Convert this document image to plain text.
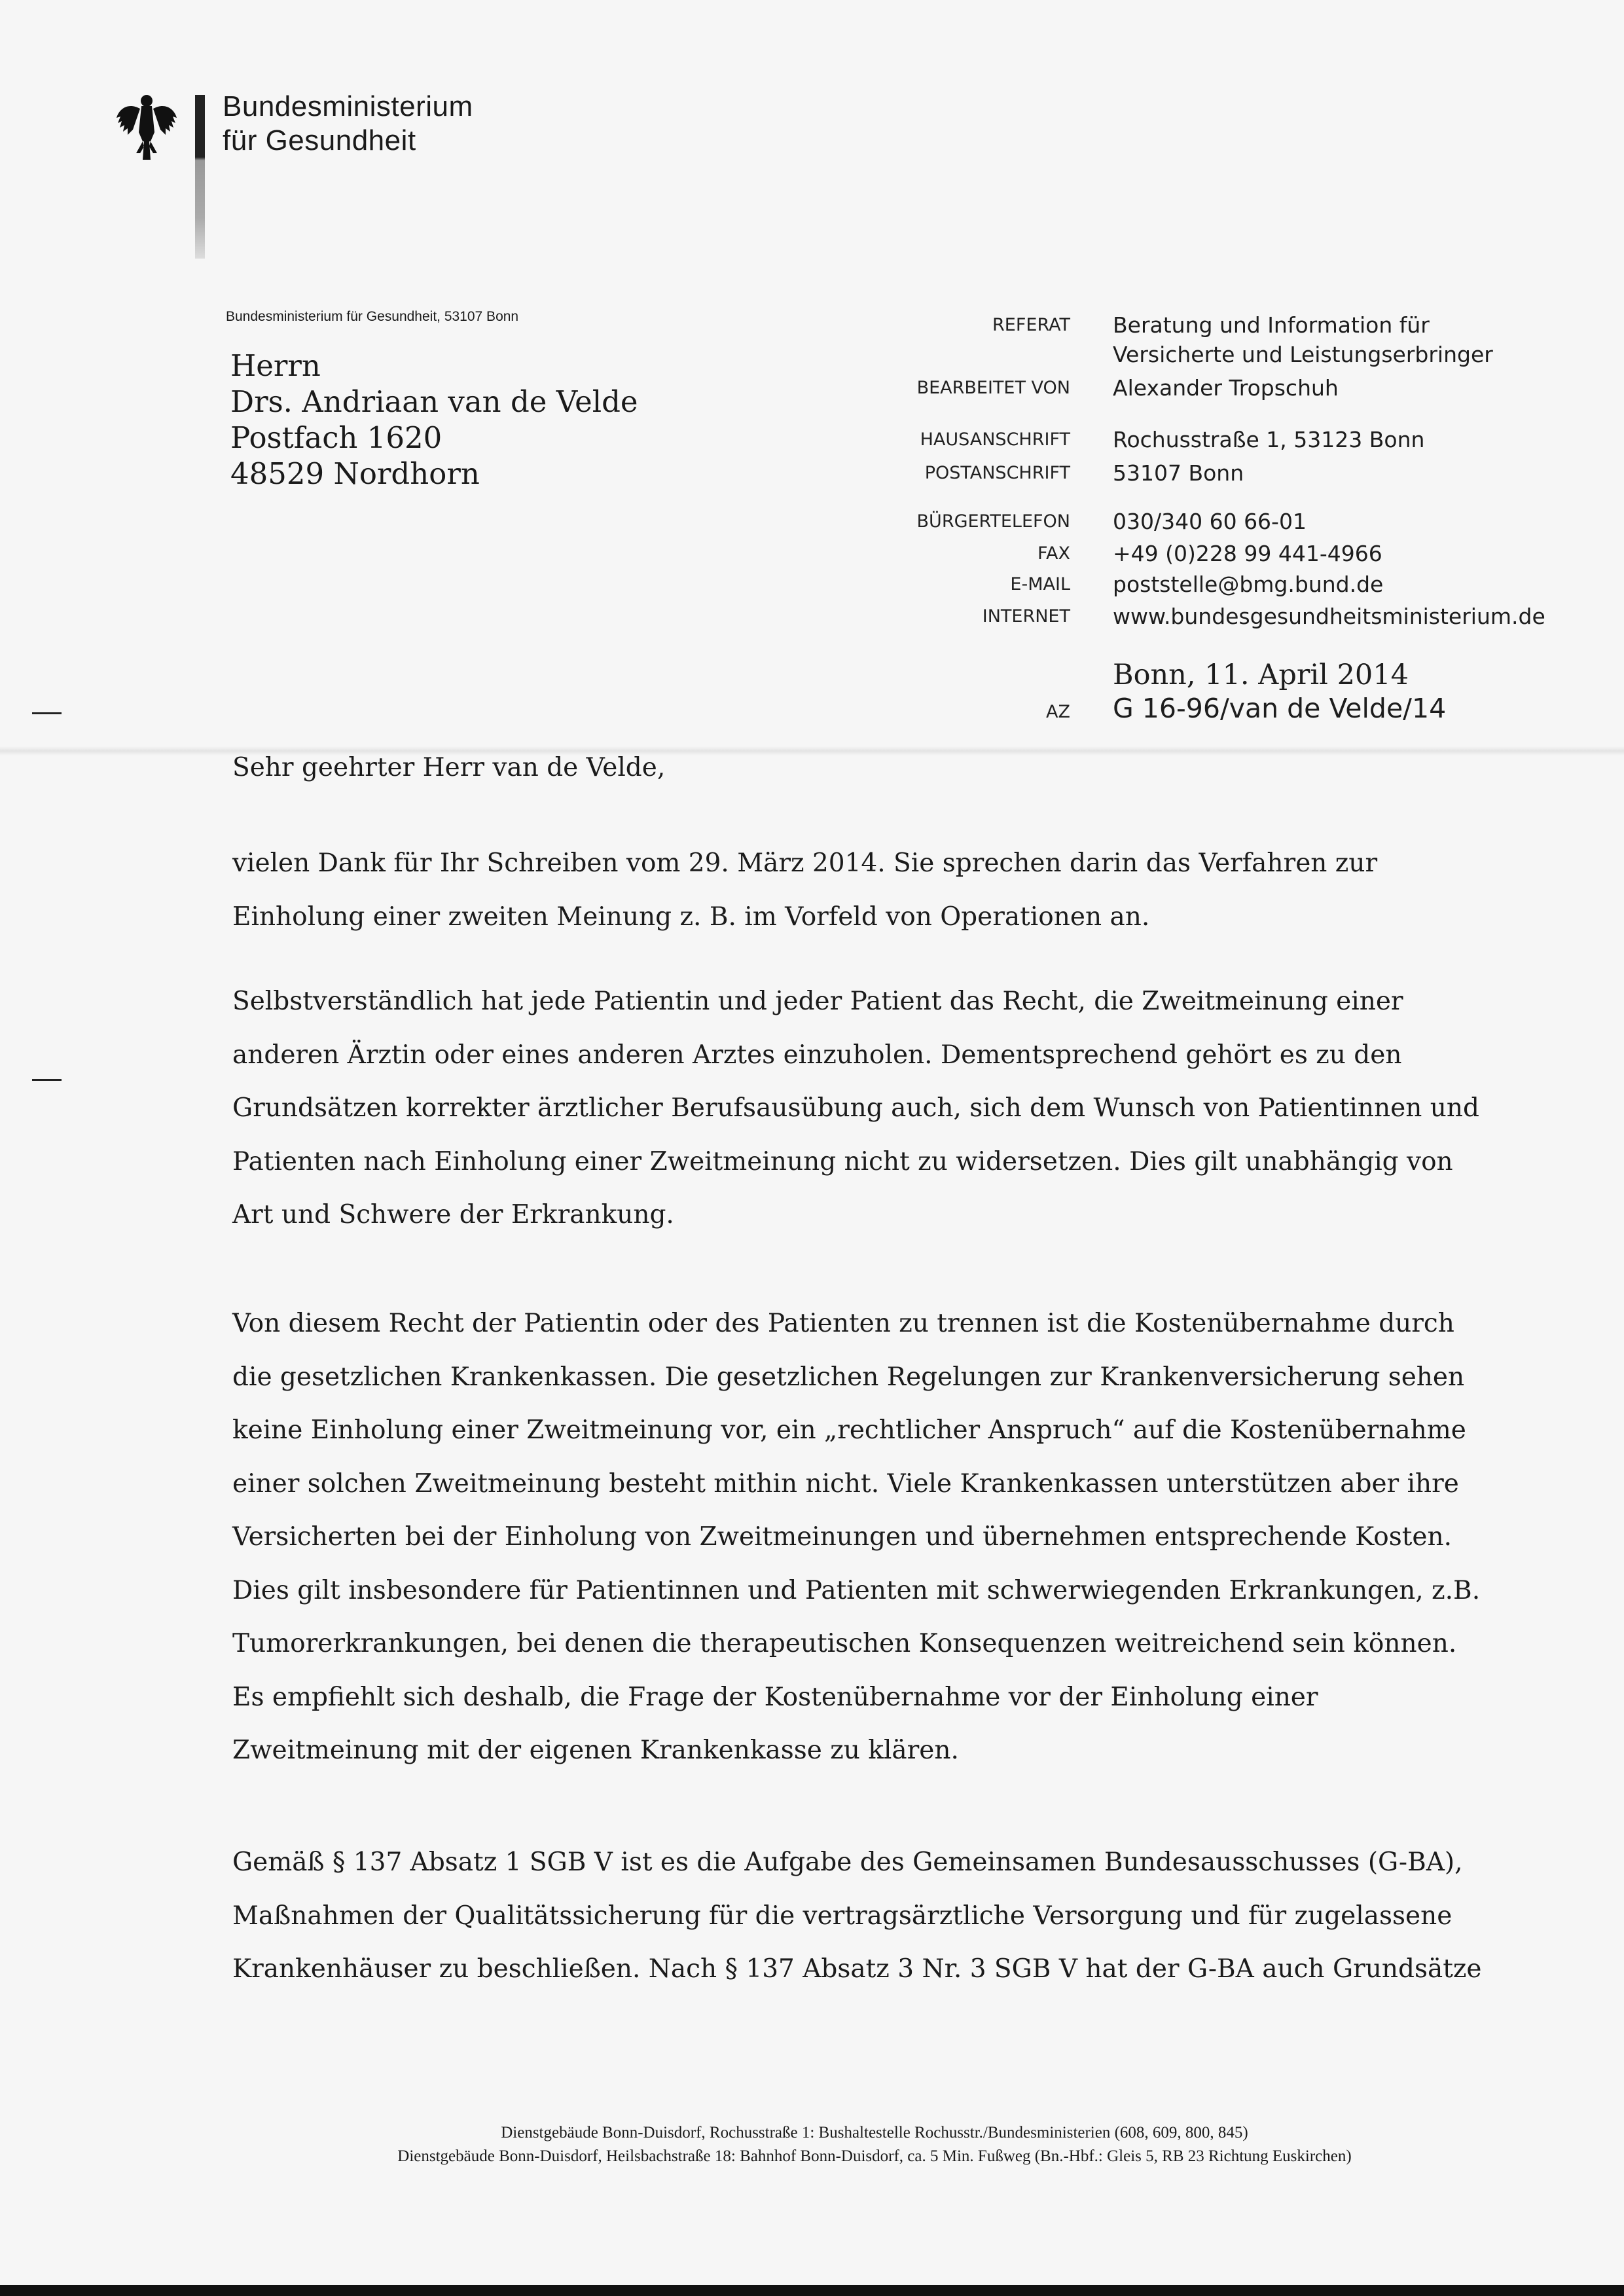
Bundesministerium
für Gesundheit
Bundesministerium für Gesundheit, 53107 Bonn
Herrn
Drs. Andriaan van de Velde
Postfach 1620
48529 Nordhorn
REFERAT Beratung und Information für
Versicherte und Leistungserbringer
BEARBEITET VON Alexander Tropschuh
HAUSANSCHRIFT Rochusstraße 1, 53123 Bonn
POSTANSCHRIFT 53107 Bonn
BÜRGERTELEFON 030/340 60 66-01
FAX +49 (0)228 99 441-4966
E-MAIL poststelle@bmg.bund.de
INTERNET www.bundesgesundheitsministerium.de
Bonn, 11. April 2014
AZ G 16-96/van de Velde/14
Sehr geehrter Herr van de Velde,
vielen Dank für Ihr Schreiben vom 29. März 2014. Sie sprechen darin das Verfahren zur
Einholung einer zweiten Meinung z. B. im Vorfeld von Operationen an.
Selbstverständlich hat jede Patientin und jeder Patient das Recht, die Zweitmeinung einer
anderen Ärztin oder eines anderen Arztes einzuholen. Dementsprechend gehört es zu den
Grundsätzen korrekter ärztlicher Berufsausübung auch, sich dem Wunsch von Patientinnen und
Patienten nach Einholung einer Zweitmeinung nicht zu widersetzen. Dies gilt unabhängig von
Art und Schwere der Erkrankung.
Von diesem Recht der Patientin oder des Patienten zu trennen ist die Kostenübernahme durch
die gesetzlichen Krankenkassen. Die gesetzlichen Regelungen zur Krankenversicherung sehen
keine Einholung einer Zweitmeinung vor, ein „rechtlicher Anspruch“ auf die Kostenübernahme
einer solchen Zweitmeinung besteht mithin nicht. Viele Krankenkassen unterstützen aber ihre
Versicherten bei der Einholung von Zweitmeinungen und übernehmen entsprechende Kosten.
Dies gilt insbesondere für Patientinnen und Patienten mit schwerwiegenden Erkrankungen, z.B.
Tumorerkrankungen, bei denen die therapeutischen Konsequenzen weitreichend sein können.
Es empfiehlt sich deshalb, die Frage der Kostenübernahme vor der Einholung einer
Zweitmeinung mit der eigenen Krankenkasse zu klären.
Gemäß § 137 Absatz 1 SGB V ist es die Aufgabe des Gemeinsamen Bundesausschusses (G-BA),
Maßnahmen der Qualitätssicherung für die vertragsärztliche Versorgung und für zugelassene
Krankenhäuser zu beschließen. Nach § 137 Absatz 3 Nr. 3 SGB V hat der G-BA auch Grundsätze
Dienstgebäude Bonn-Duisdorf, Rochusstraße 1: Bushaltestelle Rochusstr./Bundesministerien (608, 609, 800, 845)
Dienstgebäude Bonn-Duisdorf, Heilsbachstraße 18: Bahnhof Bonn-Duisdorf, ca. 5 Min. Fußweg (Bn.-Hbf.: Gleis 5, RB 23 Richtung Euskirchen)
